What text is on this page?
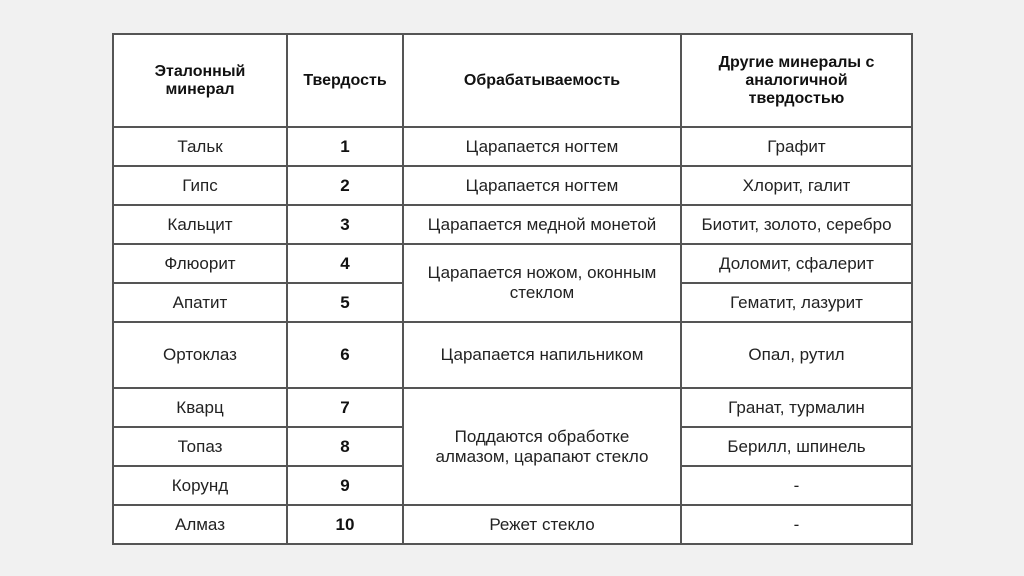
Эталонный минерал	Твердость	Обрабатываемость	Другие минералы с аналогичной твердостью
Тальк	1	Царапается ногтем	Графит
Гипс	2	Царапается ногтем	Хлорит, галит
Кальцит	3	Царапается медной монетой	Биотит, золото, серебро
Флюорит	4	Царапается ножом, оконным стеклом	Доломит, сфалерит
Апатит	5		Гематит, лазурит
Ортоклаз	6	Царапается напильником	Опал, рутил
Кварц	7	Поддаются обработке алмазом, царапают стекло	Гранат, турмалин
Топаз	8		Берилл, шпинель
Корунд	9		-
Алмаз	10	Режет стекло	-
